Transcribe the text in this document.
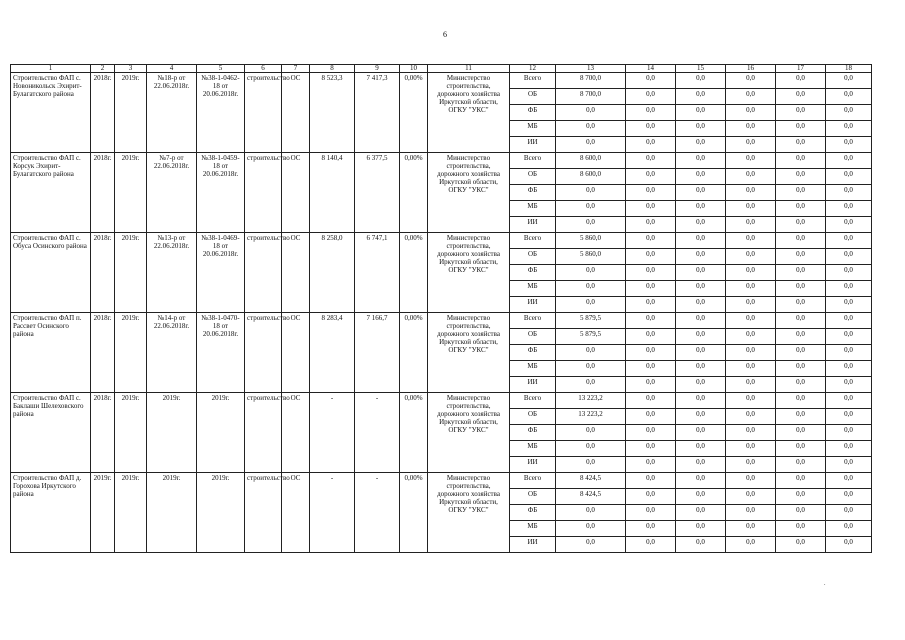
6
1	2	3	4	5	6	7	8	9	10	11	12	13	14	15	16	17	18
Строительство ФАП с. Новоникольск Эхирит-Булагатского района	2018г.	2019г.	№18-р от 22.06.2018г.	№38-1-0462-18 от 20.06.2018г.	строительство	ОС	8 523,3	7 417,3	0,00%	Министерство строительства, дорожного хозяйства Иркутской области, ОГКУ "УКС"	Всего	8 700,0	0,0	0,0	0,0	0,0	0,0
											ОБ	8 700,0	0,0	0,0	0,0	0,0	0,0
											ФБ	0,0	0,0	0,0	0,0	0,0	0,0
											МБ	0,0	0,0	0,0	0,0	0,0	0,0
											ИИ	0,0	0,0	0,0	0,0	0,0	0,0
Строительство ФАП с. Корсук Эхирит-Булагатского района	2018г.	2019г.	№7-р от 22.06.2018г.	№38-1-0459-18 от 20.06.2018г.	строительство	ОС	8 140,4	6 377,5	0,00%	Министерство строительства, дорожного хозяйства Иркутской области, ОГКУ "УКС"	Всего	8 600,0	0,0	0,0	0,0	0,0	0,0
											ОБ	8 600,0	0,0	0,0	0,0	0,0	0,0
											ФБ	0,0	0,0	0,0	0,0	0,0	0,0
											МБ	0,0	0,0	0,0	0,0	0,0	0,0
											ИИ	0,0	0,0	0,0	0,0	0,0	0,0
Строительство ФАП с. Обуса Осинского района	2018г.	2019г.	№13-р от 22.06.2018г.	№38-1-0469-18 от 20.06.2018г.	строительство	ОС	8 258,0	6 747,1	0,00%	Министерство строительства, дорожного хозяйства Иркутской области, ОГКУ "УКС"	Всего	5 860,0	0,0	0,0	0,0	0,0	0,0
											ОБ	5 860,0	0,0	0,0	0,0	0,0	0,0
											ФБ	0,0	0,0	0,0	0,0	0,0	0,0
											МБ	0,0	0,0	0,0	0,0	0,0	0,0
											ИИ	0,0	0,0	0,0	0,0	0,0	0,0
Строительство ФАП п. Рассвет Осинского района	2018г.	2019г.	№14-р от 22.06.2018г.	№38-1-0470-18 от 20.06.2018г.	строительство	ОС	8 283,4	7 166,7	0,00%	Министерство строительства, дорожного хозяйства Иркутской области, ОГКУ "УКС"	Всего	5 879,5	0,0	0,0	0,0	0,0	0,0
											ОБ	5 879,5	0,0	0,0	0,0	0,0	0,0
											ФБ	0,0	0,0	0,0	0,0	0,0	0,0
											МБ	0,0	0,0	0,0	0,0	0,0	0,0
											ИИ	0,0	0,0	0,0	0,0	0,0	0,0
Строительство ФАП с. Баклаши Шелеховского района	2018г.	2019г.	2019г.	2019г.	строительство	ОС	-	-	0,00%	Министерство строительства, дорожного хозяйства Иркутской области, ОГКУ "УКС"	Всего	13 223,2	0,0	0,0	0,0	0,0	0,0
											ОБ	13 223,2	0,0	0,0	0,0	0,0	0,0
											ФБ	0,0	0,0	0,0	0,0	0,0	0,0
											МБ	0,0	0,0	0,0	0,0	0,0	0,0
											ИИ	0,0	0,0	0,0	0,0	0,0	0,0
Строительство ФАП д. Горохова Иркутского района	2019г.	2019г.	2019г.	2019г.	строительство	ОС	-	-	0,00%	Министерство строительства, дорожного хозяйства Иркутской области, ОГКУ "УКС"	Всего	8 424,5	0,0	0,0	0,0	0,0	0,0
											ОБ	8 424,5	0,0	0,0	0,0	0,0	0,0
											ФБ	0,0	0,0	0,0	0,0	0,0	0,0
											МБ	0,0	0,0	0,0	0,0	0,0	0,0
											ИИ	0,0	0,0	0,0	0,0	0,0	0,0
.
